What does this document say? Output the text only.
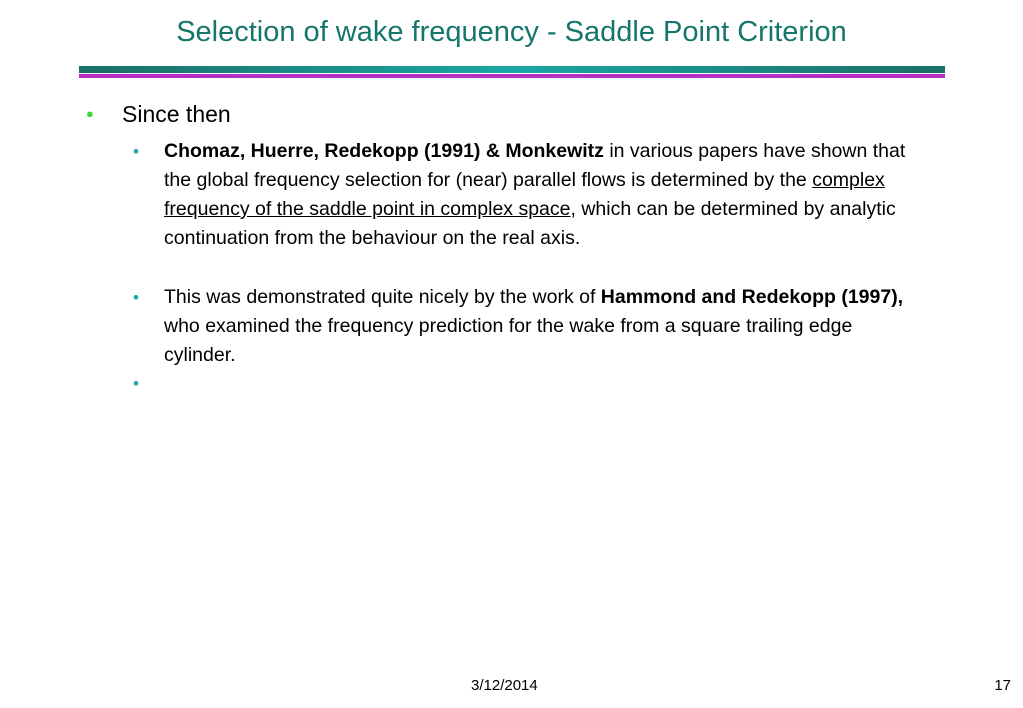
Selection of wake frequency - Saddle Point Criterion
●	Since then
• Chomaz, Huerre, Redekopp (1991) & Monkewitz in various papers have shown that the global frequency selection for (near) parallel flows is determined by the complex frequency of the saddle point in complex space, which can be determined by analytic continuation from the behaviour on the real axis.
• This was demonstrated quite nicely by the work of Hammond and Redekopp (1997), who examined the frequency prediction for the wake from a square trailing edge cylinder.
•
3/12/2014	17
